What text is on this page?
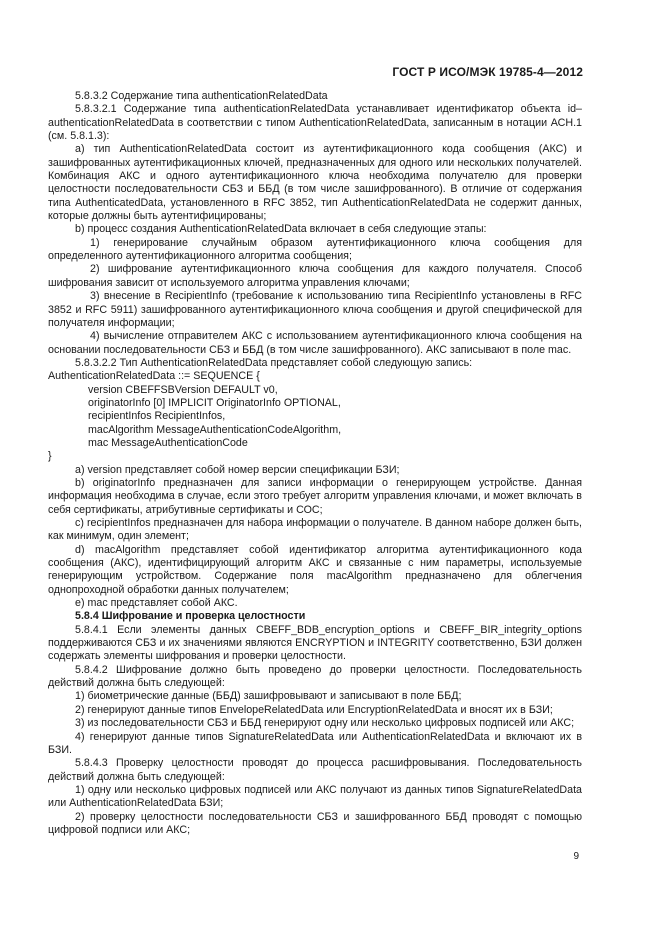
ГОСТ Р ИСО/МЭК 19785-4—2012

5.8.3.2 Содержание типа authenticationRelatedData

5.8.3.2.1 Содержание типа authenticationRelatedData устанавливает идентификатор объекта id–authenticationRelatedData в соответствии с типом AuthenticationRelatedData, записанным в нотации АСН.1 (см. 5.8.1.3):

a) тип AuthenticationRelatedData состоит из аутентификационного кода сообщения (АКС) и зашифрованных аутентификационных ключей, предназначенных для одного или нескольких получателей. Комбинация АКС и одного аутентификационного ключа необходима получателю для проверки целостности последовательности СБЗ и ББД (в том числе зашифрованного). В отличие от содержания типа AuthenticatedData, установленного в RFC 3852, тип AuthenticationRelatedData не содержит данных, которые должны быть аутентифицированы;

b) процесс создания AuthenticationRelatedData включает в себя следующие этапы:

1) генерирование случайным образом аутентификационного ключа сообщения для определенного аутентификационного алгоритма сообщения;

2) шифрование аутентификационного ключа сообщения для каждого получателя. Способ шифрования зависит от используемого алгоритма управления ключами;

3) внесение в RecipientInfo (требование к использованию типа RecipientInfo установлены в RFC 3852 и RFC 5911) зашифрованного аутентификационного ключа сообщения и другой специфической для получателя информации;

4) вычисление отправителем АКС с использованием аутентификационного ключа сообщения на основании последовательности СБЗ и ББД (в том числе зашифрованного). АКС записывают в поле mac.

5.8.3.2.2 Тип AuthenticationRelatedData представляет собой следующую запись:

AuthenticationRelatedData ::= SEQUENCE {

version CBEFFSBVersion DEFAULT v0,

originatorInfo [0] IMPLICIT OriginatorInfo OPTIONAL,

recipientInfos RecipientInfos,

macAlgorithm MessageAuthenticationCodeAlgorithm,

mac MessageAuthenticationCode

}

a) version представляет собой номер версии спецификации БЗИ;

b) originatorInfo предназначен для записи информации о генерирующем устройстве. Данная информация необходима в случае, если этого требует алгоритм управления ключами, и может включать в себя сертификаты, атрибутивные сертификаты и СОС;

c) recipientInfos предназначен для набора информации о получателе. В данном наборе должен быть, как минимум, один элемент;

d) macAlgorithm представляет собой идентификатор алгоритма аутентификационного кода сообщения (АКС), идентифицирующий алгоритм АКС и связанные с ним параметры, используемые генерирующим устройством. Содержание поля macAlgorithm предназначено для облегчения однопроходной обработки данных получателем;

e) mac представляет собой АКС.

5.8.4 Шифрование и проверка целостности

5.8.4.1 Если элементы данных CBEFF_BDB_encryption_options и CBEFF_BIR_integrity_options поддерживаются СБЗ и их значениями являются ENCRYPTION и INTEGRITY соответственно, БЗИ должен содержать элементы шифрования и проверки целостности.

5.8.4.2 Шифрование должно быть проведено до проверки целостности. Последовательность действий должна быть следующей:

1) биометрические данные (ББД) зашифровывают и записывают в поле ББД;

2) генерируют данные типов EnvelopeRelatedData или EncryptionRelatedData и вносят их в БЗИ;

3) из последовательности СБЗ и ББД генерируют одну или несколько цифровых подписей или АКС;

4) генерируют данные типов SignatureRelatedData или AuthenticationRelatedData и включают их в БЗИ.

5.8.4.3 Проверку целостности проводят до процесса расшифровывания. Последовательность действий должна быть следующей:

1) одну или несколько цифровых подписей или АКС получают из данных типов SignatureRelatedData или AuthenticationRelatedData БЗИ;

2) проверку целостности последовательности СБЗ и зашифрованного ББД проводят с помощью цифровой подписи или АКС;

9
